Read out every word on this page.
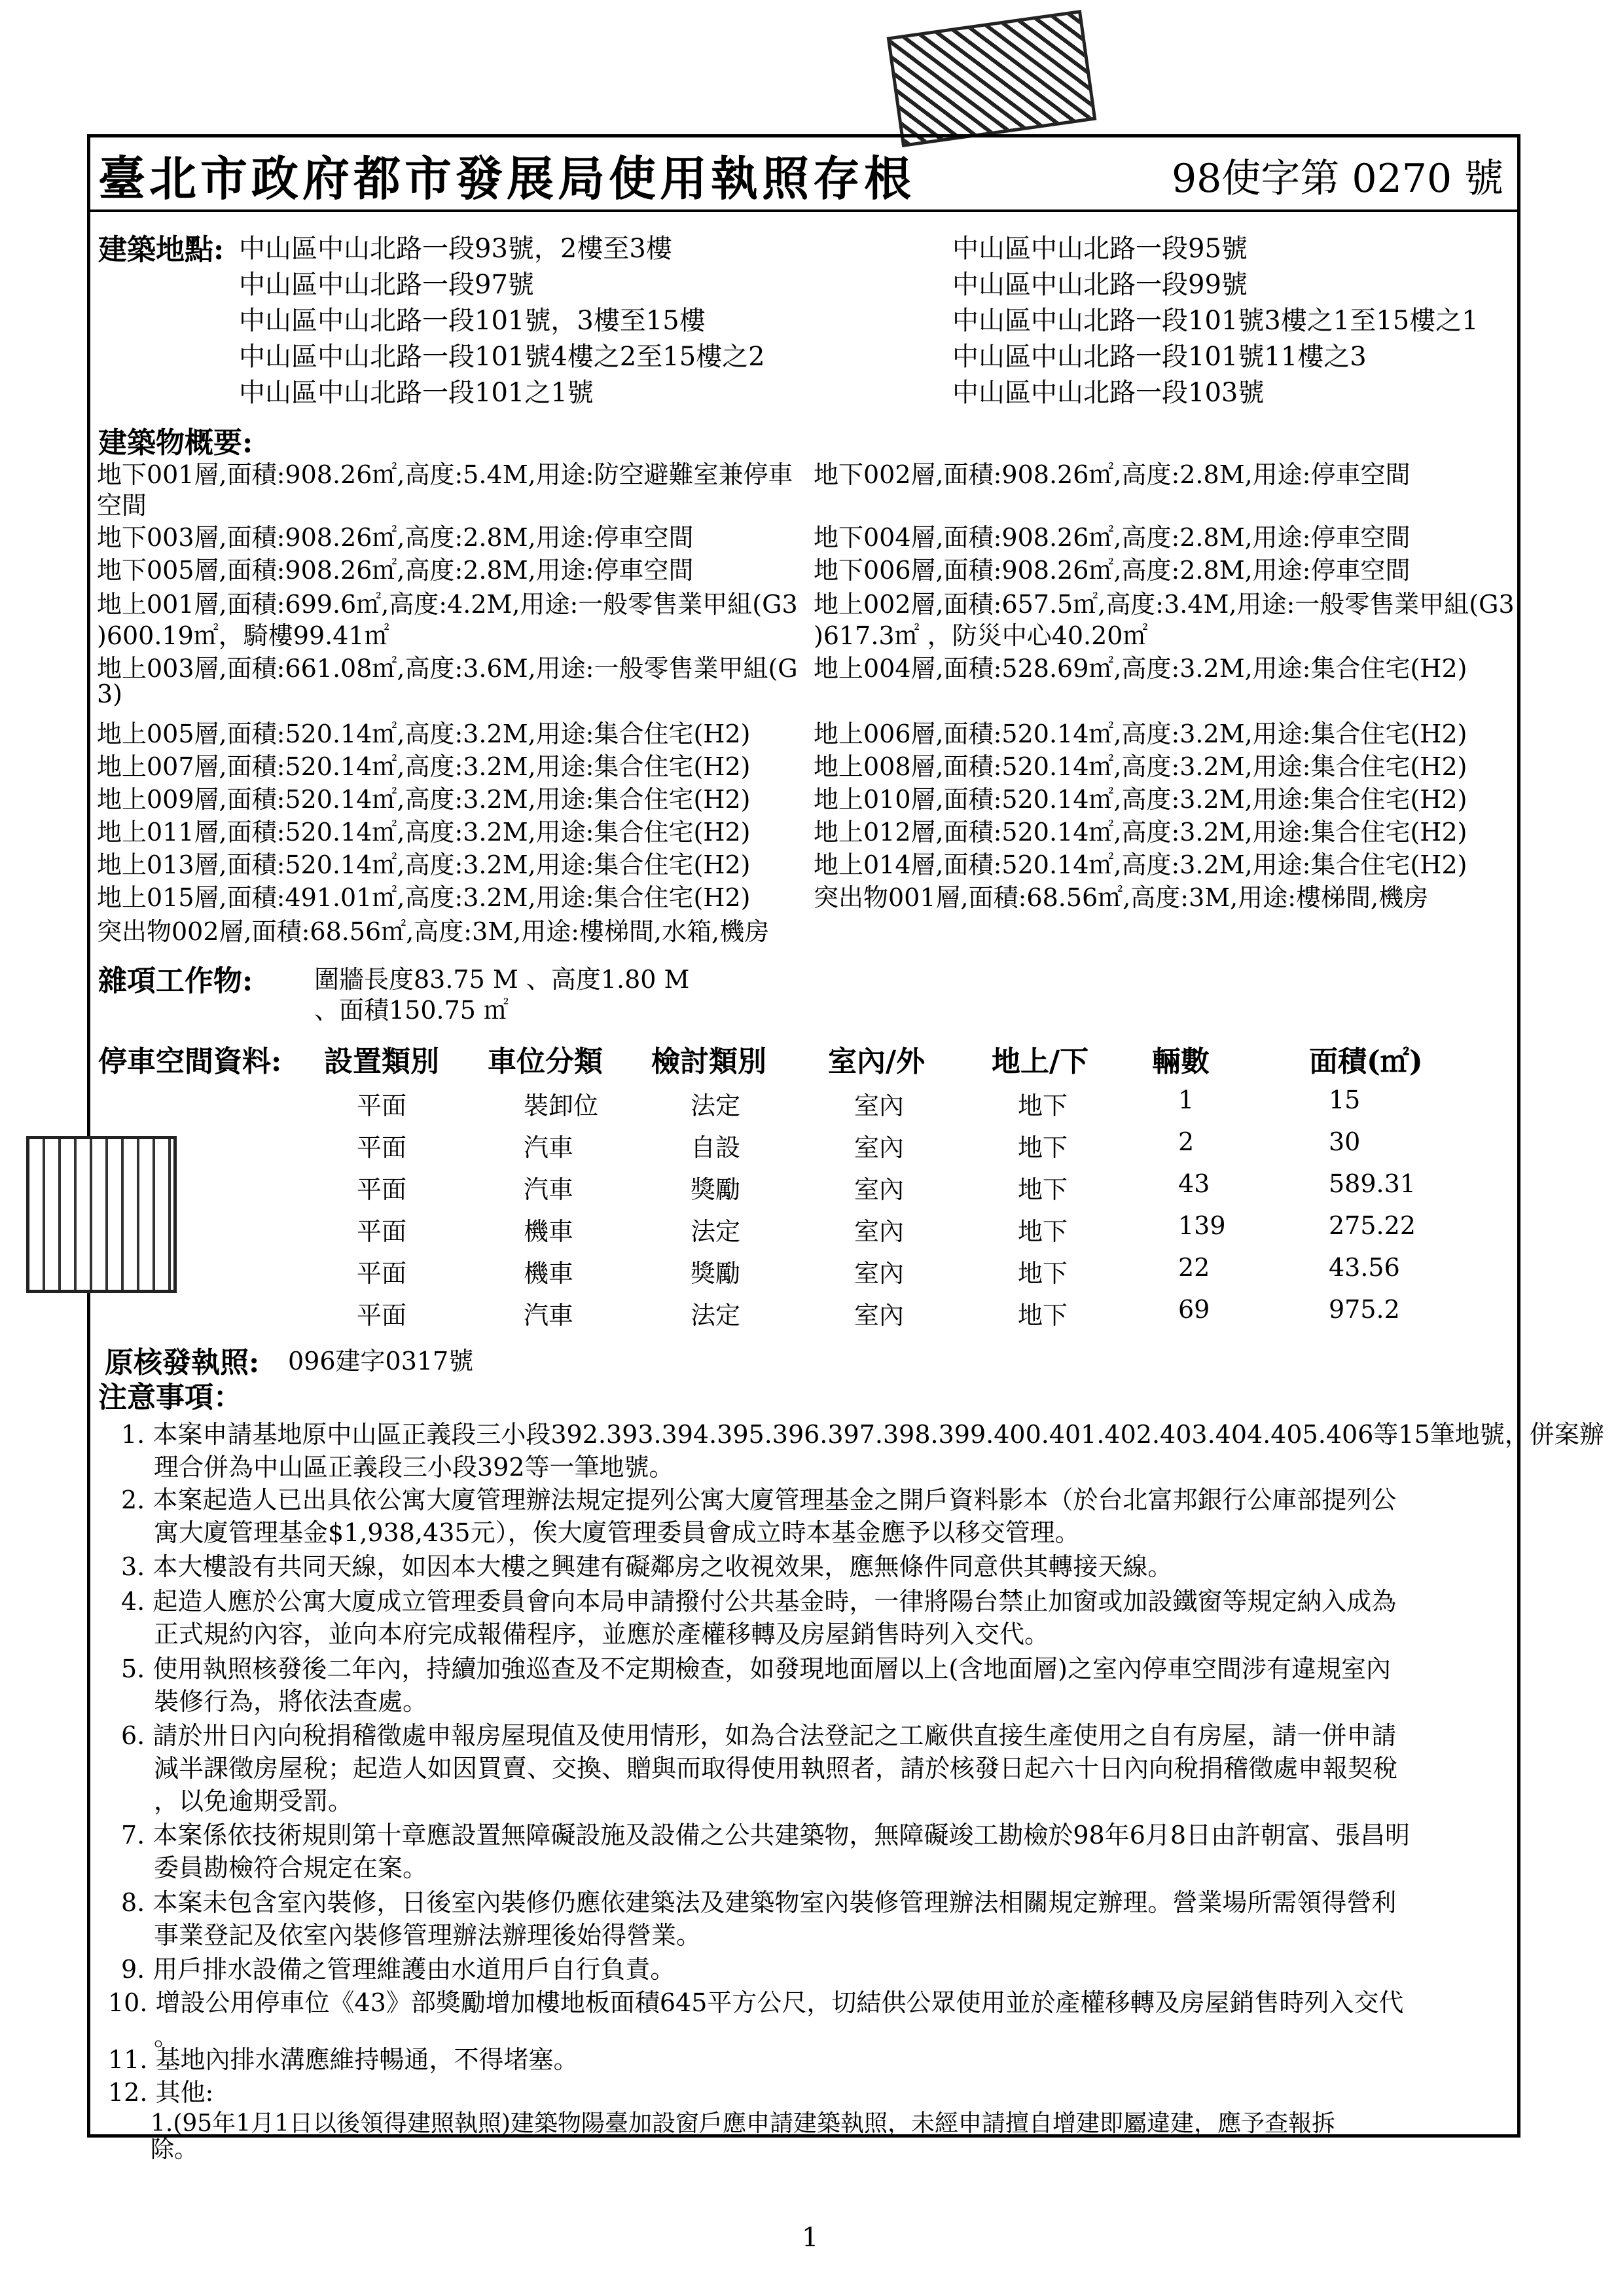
臺北市政府都市發展局使用執照存根	98使字第 0270 號
建築地點: 中山區中山北路一段93號，2樓至3樓	中山區中山北路一段95號
中山區中山北路一段97號	中山區中山北路一段99號
中山區中山北路一段101號，3樓至15樓	中山區中山北路一段101號3樓之1至15樓之1
中山區中山北路一段101號4樓之2至15樓之2	中山區中山北路一段101號11樓之3
中山區中山北路一段101之1號	中山區中山北路一段103號
建築物概要:
地下001層,面積:908.26㎡,高度:5.4M,用途:防空避難室兼停車 地下002層,面積:908.26㎡,高度:2.8M,用途:停車空間
空間
地下003層,面積:908.26㎡,高度:2.8M,用途:停車空間	地下004層,面積:908.26㎡,高度:2.8M,用途:停車空間
地下005層,面積:908.26㎡,高度:2.8M,用途:停車空間	地下006層,面積:908.26㎡,高度:2.8M,用途:停車空間
地上001層,面積:699.6㎡,高度:4.2M,用途:一般零售業甲組(G3 地上002層,面積:657.5㎡,高度:3.4M,用途:一般零售業甲組(G3
)600.19㎡，騎樓99.41㎡	)617.3㎡ ，防災中心40.20㎡
地上003層,面積:661.08㎡,高度:3.6M,用途:一般零售業甲組(G 地上004層,面積:528.69㎡,高度:3.2M,用途:集合住宅(H2)
3)
地上005層,面積:520.14㎡,高度:3.2M,用途:集合住宅(H2)	地上006層,面積:520.14㎡,高度:3.2M,用途:集合住宅(H2)
地上007層,面積:520.14㎡,高度:3.2M,用途:集合住宅(H2)	地上008層,面積:520.14㎡,高度:3.2M,用途:集合住宅(H2)
地上009層,面積:520.14㎡,高度:3.2M,用途:集合住宅(H2)	地上010層,面積:520.14㎡,高度:3.2M,用途:集合住宅(H2)
地上011層,面積:520.14㎡,高度:3.2M,用途:集合住宅(H2)	地上012層,面積:520.14㎡,高度:3.2M,用途:集合住宅(H2)
地上013層,面積:520.14㎡,高度:3.2M,用途:集合住宅(H2)	地上014層,面積:520.14㎡,高度:3.2M,用途:集合住宅(H2)
地上015層,面積:491.01㎡,高度:3.2M,用途:集合住宅(H2)	突出物001層,面積:68.56㎡,高度:3M,用途:樓梯間,機房
突出物002層,面積:68.56㎡,高度:3M,用途:樓梯間,水箱,機房
雜項工作物: 圍牆長度83.75 M 、高度1.80 M
、面積150.75 ㎡
停車空間資料: 設置類別 車位分類 檢討類別 室內/外 地上/下 輛數	面積(㎡)
平面	裝卸位	法定	室內	地下	1	15
平面	汽車	自設	室內	地下	2	30
平面	汽車	獎勵	室內	地下	43	589.31
平面	機車	法定	室內	地下	139	275.22
平面	機車	獎勵	室內	地下	22	43.56
平面	汽車	法定	室內	地下	69	975.2
原核發執照: 096建字0317號
注意事項：
1. 本案申請基地原中山區正義段三小段392.393.394.395.396.397.398.399.400.401.402.403.404.405.406等15筆地號，併案辦
理合併為中山區正義段三小段392等一筆地號。
2. 本案起造人已出具依公寓大廈管理辦法規定提列公寓大廈管理基金之開戶資料影本（於台北富邦銀行公庫部提列公
寓大廈管理基金$1,938,435元），俟大廈管理委員會成立時本基金應予以移交管理。
3. 本大樓設有共同天線，如因本大樓之興建有礙鄰房之收視效果，應無條件同意供其轉接天線。
4. 起造人應於公寓大廈成立管理委員會向本局申請撥付公共基金時，一律將陽台禁止加窗或加設鐵窗等規定納入成為
正式規約內容，並向本府完成報備程序，並應於產權移轉及房屋銷售時列入交代。
5. 使用執照核發後二年內，持續加強巡查及不定期檢查，如發現地面層以上(含地面層)之室內停車空間涉有違規室內
裝修行為，將依法查處。
6. 請於卅日內向稅捐稽徵處申報房屋現值及使用情形，如為合法登記之工廠供直接生產使用之自有房屋，請一併申請
減半課徵房屋稅；起造人如因買賣、交換、贈與而取得使用執照者，請於核發日起六十日內向稅捐稽徵處申報契稅
，以免逾期受罰。
7. 本案係依技術規則第十章應設置無障礙設施及設備之公共建築物，無障礙竣工勘檢於98年6月8日由許朝富、張昌明
委員勘檢符合規定在案。
8. 本案未包含室內裝修，日後室內裝修仍應依建築法及建築物室內裝修管理辦法相關規定辦理。營業場所需領得營利
事業登記及依室內裝修管理辦法辦理後始得營業。
9. 用戶排水設備之管理維護由水道用戶自行負責。
10. 增設公用停車位《43》部獎勵增加樓地板面積645平方公尺，切結供公眾使用並於產權移轉及房屋銷售時列入交代
。
11. 基地內排水溝應維持暢通，不得堵塞。
12. 其他:
1.(95年1月1日以後領得建照執照)建築物陽臺加設窗戶應申請建築執照，未經申請擅自增建即屬違建，應予查報拆
除。
1
